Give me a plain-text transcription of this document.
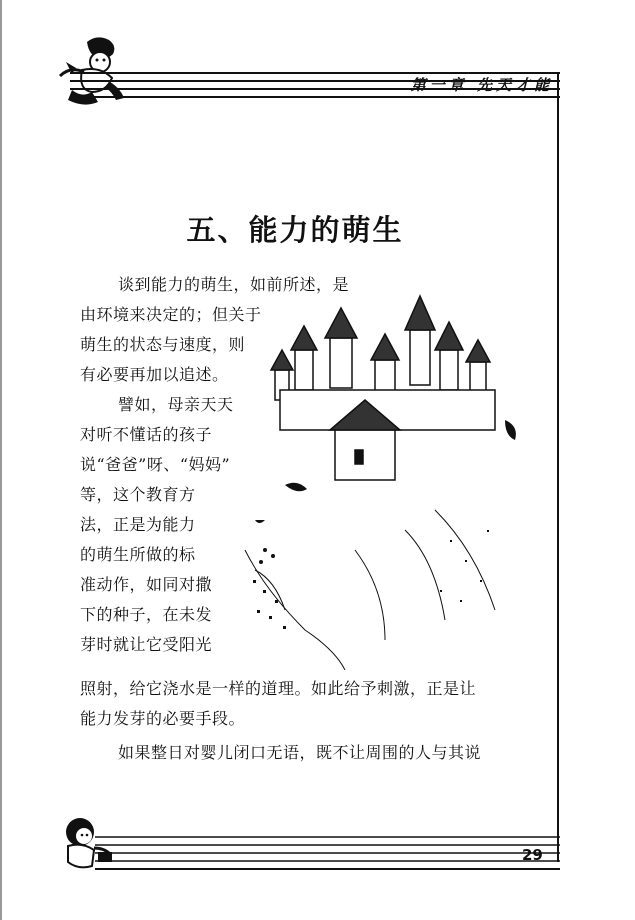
第一章 先天才能
五、能力的萌生
谈到能力的萌生，如前所述，是
由环境来决定的；但关于
萌生的状态与速度，则
有必要再加以追述。
譬如，母亲天天
对听不懂话的孩子
说“爸爸”呀、“妈妈”
等，这个教育方
法，正是为能力
的萌生所做的标
准动作，如同对撒
下的种子，在未发
芽时就让它受阳光
照射，给它浇水是一样的道理。如此给予刺激，正是让
能力发芽的必要手段。
如果整日对婴儿闭口无语，既不让周围的人与其说
29
